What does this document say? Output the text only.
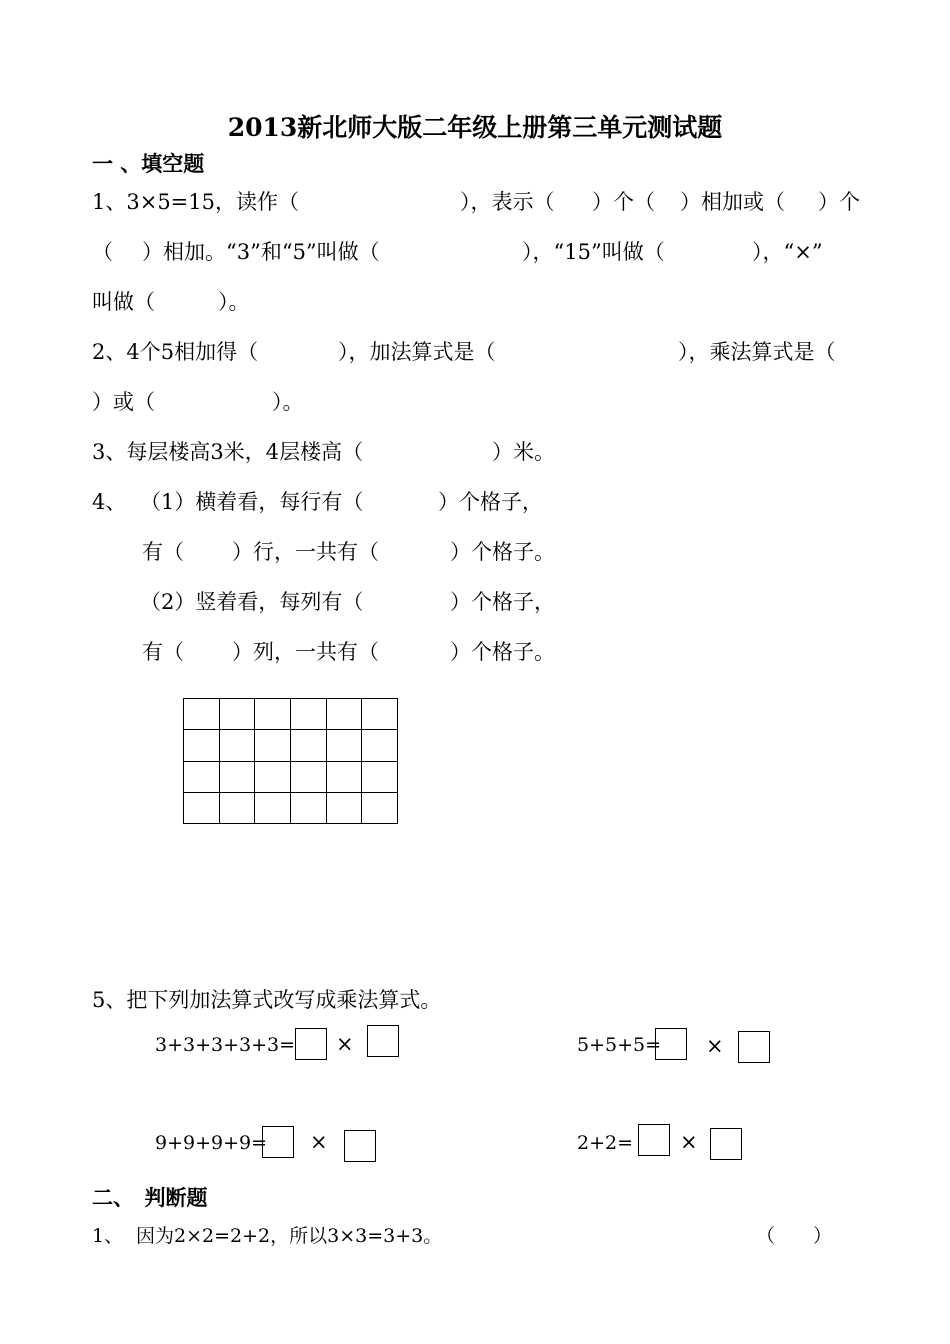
2013新北师大版二年级上册第三单元测试题
一 、填空题
1、3×5=15，读作（	），表示（ ）个（ ）相加或（ ）个
（ ）相加。“3”和“5”叫做（	），“15”叫做（	），“×”
叫做（　　　）。
2、4个5相加得（	），加法算式是（	），乘法算式是（
）或（	）。
3、每层楼高3米，4层楼高（	）米。
4、 （1）横着看，每行有（	）个格子，
有（ ）行，一共有（	）个格子。
（2）竖着看，每列有（	）个格子，
有（ ）列，一共有（	）个格子。

5、把下列加法算式改写成乘法算式。
3+3+3+3+3= ×	5+5+5= ×
9+9+9+9= ×	2+2= ×
二、　判断题
1、 因为2×2=2+2，所以3×3=3+3。	（　　）
